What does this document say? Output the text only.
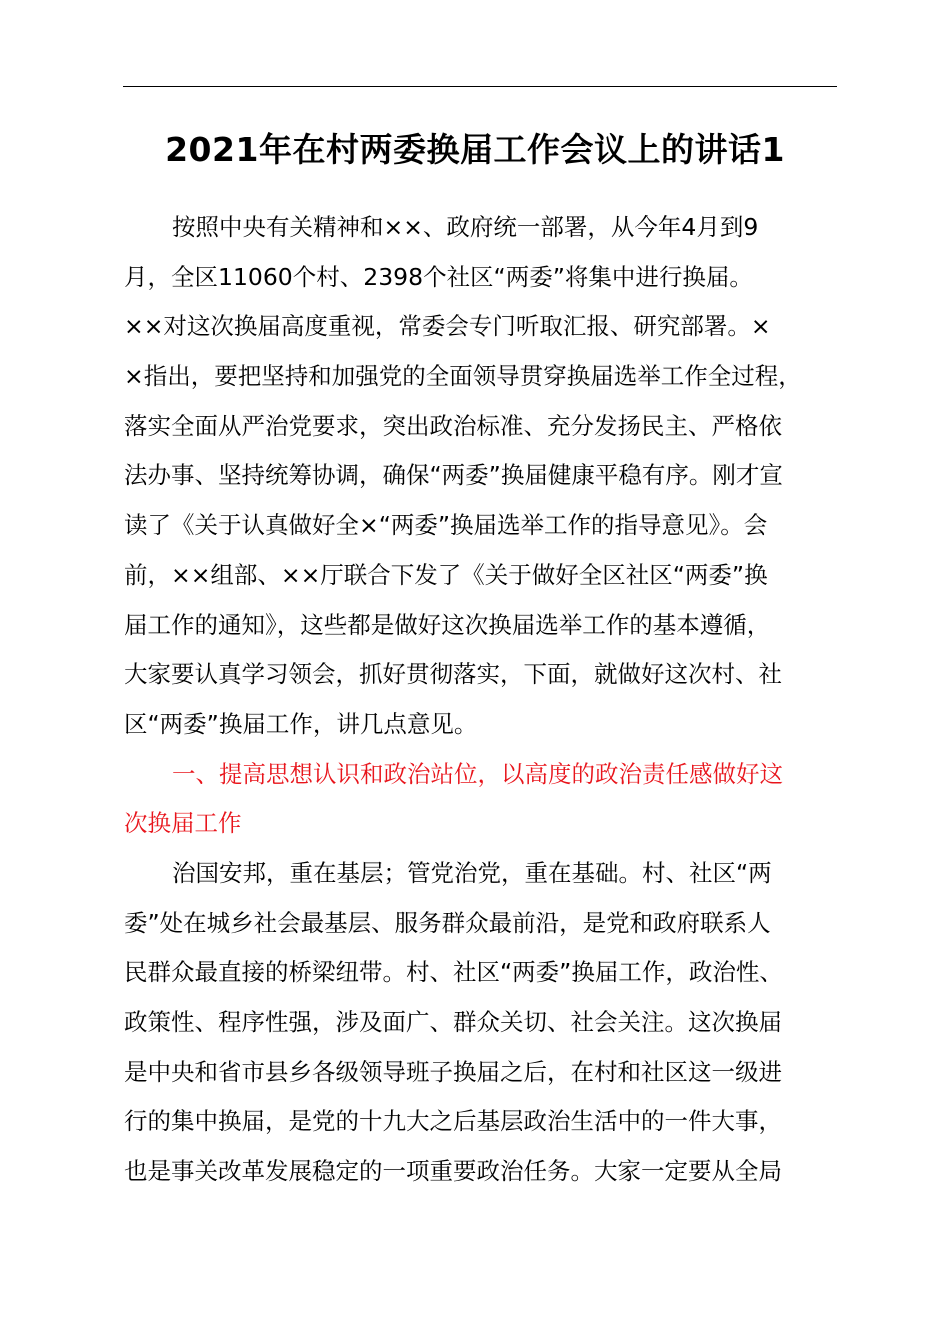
2021年在村两委换届工作会议上的讲话1
按照中央有关精神和××、政府统一部署，从今年4月到9
月，全区11060个村、2398个社区“两委”将集中进行换届。
××对这次换届高度重视，常委会专门听取汇报、研究部署。×
×指出，要把坚持和加强党的全面领导贯穿换届选举工作全过程，
落实全面从严治党要求，突出政治标准、充分发扬民主、严格依
法办事、坚持统筹协调，确保“两委”换届健康平稳有序。刚才宣
读了《关于认真做好全×“两委”换届选举工作的指导意见》。会
前，××组部、××厅联合下发了《关于做好全区社区“两委”换
届工作的通知》，这些都是做好这次换届选举工作的基本遵循，
大家要认真学习领会，抓好贯彻落实，下面，就做好这次村、社
区“两委”换届工作，讲几点意见。
一、提高思想认识和政治站位，以高度的政治责任感做好这
次换届工作
治国安邦，重在基层；管党治党，重在基础。村、社区“两
委”处在城乡社会最基层、服务群众最前沿，是党和政府联系人
民群众最直接的桥梁纽带。村、社区“两委”换届工作，政治性、
政策性、程序性强，涉及面广、群众关切、社会关注。这次换届
是中央和省市县乡各级领导班子换届之后，在村和社区这一级进
行的集中换届，是党的十九大之后基层政治生活中的一件大事，
也是事关改革发展稳定的一项重要政治任务。大家一定要从全局
